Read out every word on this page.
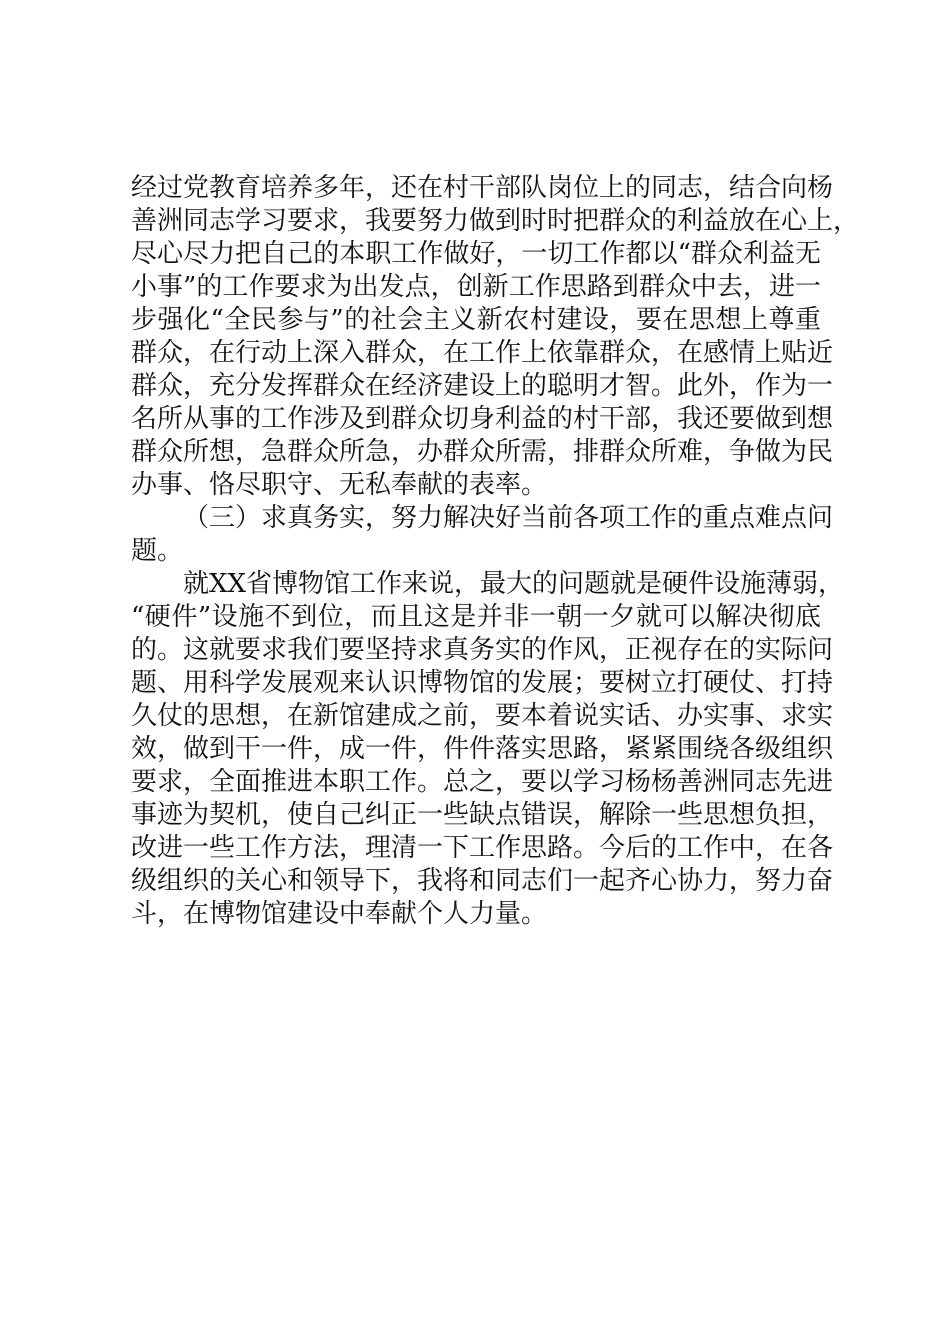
经过党教育培养多年，还在村干部队岗位上的同志，结合向杨
善洲同志学习要求，我要努力做到时时把群众的利益放在心上，
尽心尽力把自己的本职工作做好，一切工作都以“群众利益无
小事”的工作要求为出发点，创新工作思路到群众中去，进一
步强化“全民参与”的社会主义新农村建设，要在思想上尊重
群众，在行动上深入群众，在工作上依靠群众，在感情上贴近
群众，充分发挥群众在经济建设上的聪明才智。此外，作为一
名所从事的工作涉及到群众切身利益的村干部，我还要做到想
群众所想，急群众所急，办群众所需，排群众所难，争做为民
办事、恪尽职守、无私奉献的表率。
（三）求真务实，努力解决好当前各项工作的重点难点问
题。
就XX省博物馆工作来说，最大的问题就是硬件设施薄弱，
“硬件”设施不到位，而且这是并非一朝一夕就可以解决彻底
的。这就要求我们要坚持求真务实的作风，正视存在的实际问
题、用科学发展观来认识博物馆的发展；要树立打硬仗、打持
久仗的思想，在新馆建成之前，要本着说实话、办实事、求实
效，做到干一件，成一件，件件落实思路，紧紧围绕各级组织
要求，全面推进本职工作。总之，要以学习杨杨善洲同志先进
事迹为契机，使自己纠正一些缺点错误，解除一些思想负担，
改进一些工作方法，理清一下工作思路。今后的工作中，在各
级组织的关心和领导下，我将和同志们一起齐心协力，努力奋
斗，在博物馆建设中奉献个人力量。
